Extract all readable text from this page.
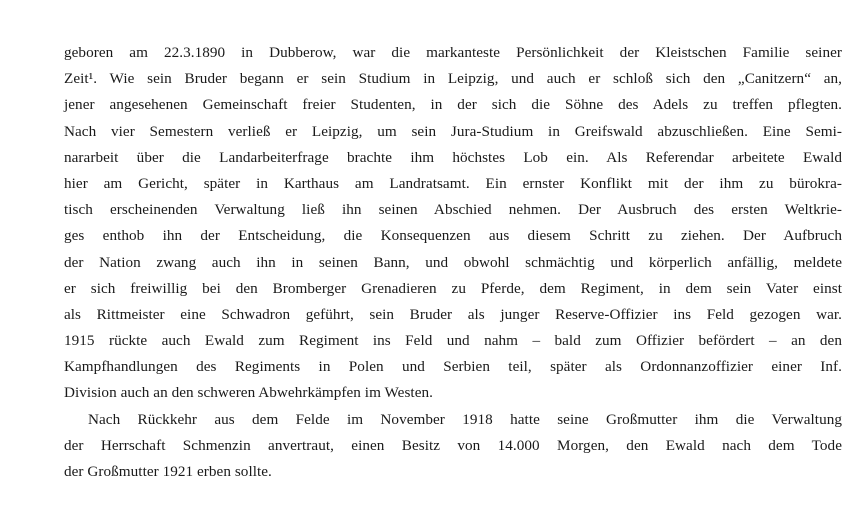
geboren am 22.3.1890 in Dubberow, war die markanteste Persönlichkeit der Kleistschen Familie seiner
Zeit¹. Wie sein Bruder begann er sein Studium in Leipzig, und auch er schloß sich den „Canitzern“ an,
jener angesehenen Gemeinschaft freier Studenten, in der sich die Söhne des Adels zu treffen pflegten.
Nach vier Semestern verließ er Leipzig, um sein Jura-Studium in Greifswald abzuschließen. Eine Semi-
nararbeit über die Landarbeiterfrage brachte ihm höchstes Lob ein. Als Referendar arbeitete Ewald
hier am Gericht, später in Karthaus am Landratsamt. Ein ernster Konflikt mit der ihm zu bürokra-
tisch erscheinenden Verwaltung ließ ihn seinen Abschied nehmen. Der Ausbruch des ersten Weltkrie-
ges enthob ihn der Entscheidung, die Konsequenzen aus diesem Schritt zu ziehen. Der Aufbruch
der Nation zwang auch ihn in seinen Bann, und obwohl schmächtig und körperlich anfällig, meldete
er sich freiwillig bei den Bromberger Grenadieren zu Pferde, dem Regiment, in dem sein Vater einst
als Rittmeister eine Schwadron geführt, sein Bruder als junger Reserve-Offizier ins Feld gezogen war.
1915 rückte auch Ewald zum Regiment ins Feld und nahm – bald zum Offizier befördert – an den
Kampfhandlungen des Regiments in Polen und Serbien teil, später als Ordonnanzoffizier einer Inf.
Division auch an den schweren Abwehrkämpfen im Westen.
Nach Rückkehr aus dem Felde im November 1918 hatte seine Großmutter ihm die Verwaltung
der Herrschaft Schmenzin anvertraut, einen Besitz von 14.000 Morgen, den Ewald nach dem Tode
der Großmutter 1921 erben sollte.
